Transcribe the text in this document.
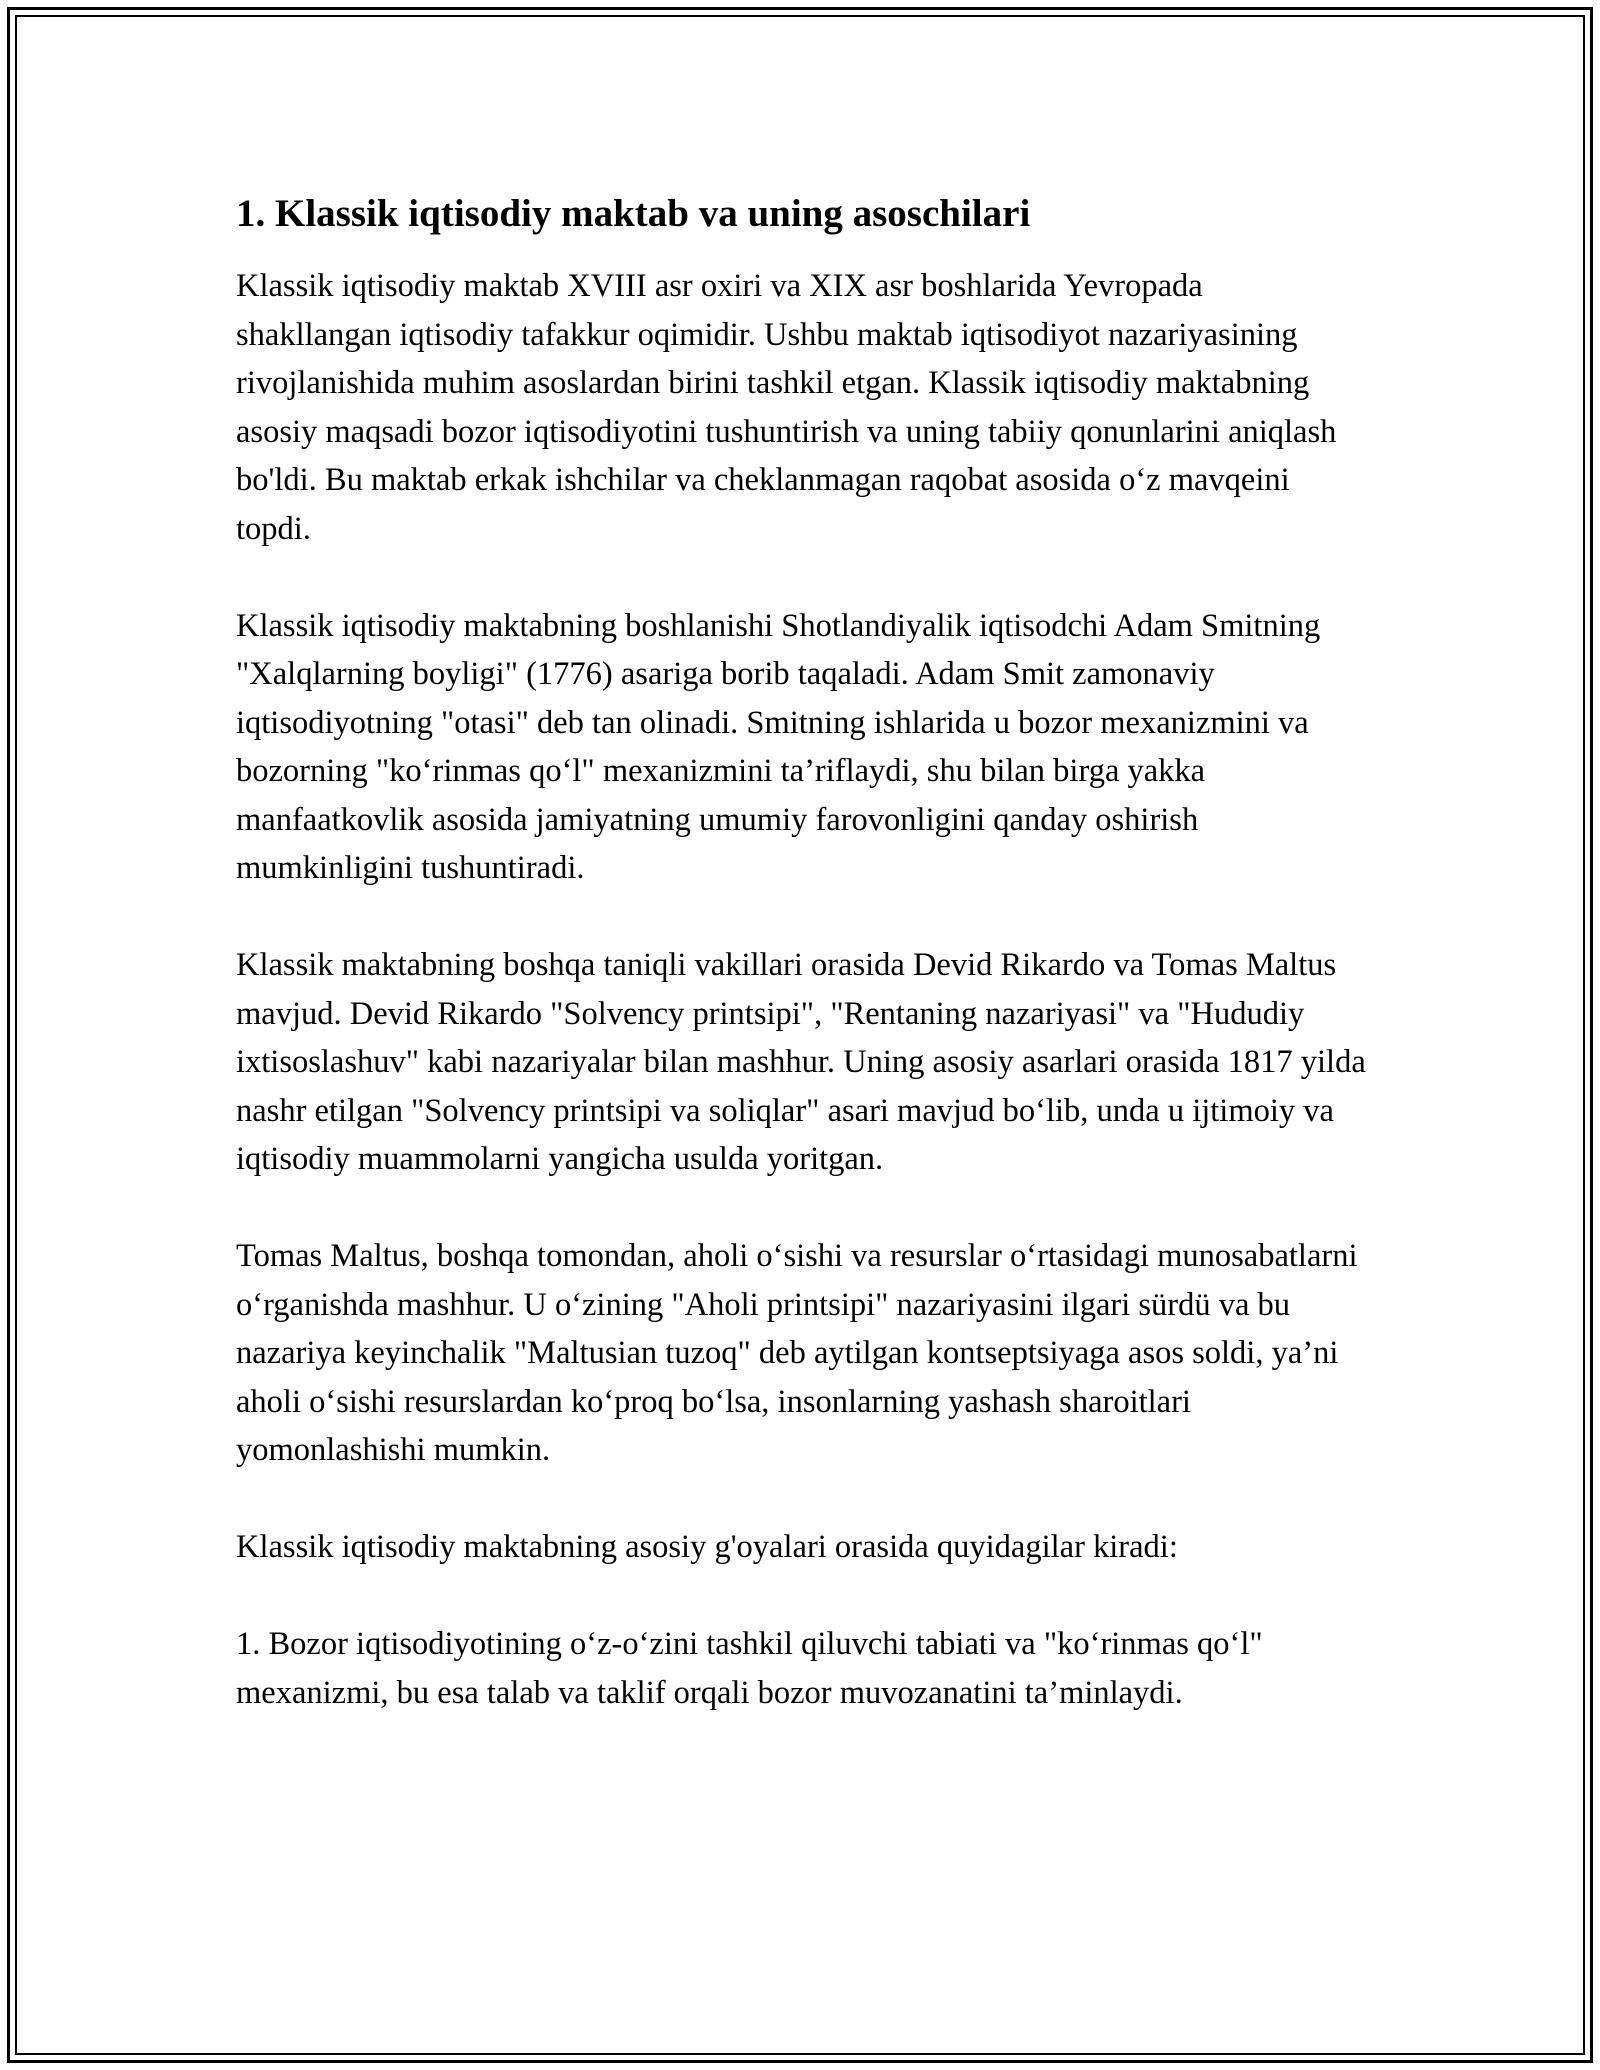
1. Klassik iqtisodiy maktab va uning asoschilari

Klassik iqtisodiy maktab XVIII asr oxiri va XIX asr boshlarida Yevropada shakllangan iqtisodiy tafakkur oqimidir. Ushbu maktab iqtisodiyot nazariyasining rivojlanishida muhim asoslardan birini tashkil etgan. Klassik iqtisodiy maktabning asosiy maqsadi bozor iqtisodiyotini tushuntirish va uning tabiiy qonunlarini aniqlash bo'ldi. Bu maktab erkak ishchilar va cheklanmagan raqobat asosida o‘z mavqeini topdi.

Klassik iqtisodiy maktabning boshlanishi Shotlandiyalik iqtisodchi Adam Smitning "Xalqlarning boyligi" (1776) asariga borib taqaladi. Adam Smit zamonaviy iqtisodiyotning "otasi" deb tan olinadi. Smitning ishlarida u bozor mexanizmini va bozorning "ko‘rinmas qo‘l" mexanizmini ta’riflaydi, shu bilan birga yakka manfaatkovlik asosida jamiyatning umumiy farovonligini qanday oshirish mumkinligini tushuntiradi.

Klassik maktabning boshqa taniqli vakillari orasida Devid Rikardo va Tomas Maltus mavjud. Devid Rikardo "Solvency printsipi", "Rentaning nazariyasi" va "Hududiy ixtisoslashuv" kabi nazariyalar bilan mashhur. Uning asosiy asarlari orasida 1817 yilda nashr etilgan "Solvency printsipi va soliqlar" asari mavjud bo‘lib, unda u ijtimoiy va iqtisodiy muammolarni yangicha usulda yoritgan.

Tomas Maltus, boshqa tomondan, aholi o‘sishi va resurslar o‘rtasidagi munosabatlarni o‘rganishda mashhur. U o‘zining "Aholi printsipi" nazariyasini ilgari sürdü va bu nazariya keyinchalik "Maltusian tuzoq" deb aytilgan kontseptsiyaga asos soldi, ya’ni aholi o‘sishi resurslardan ko‘proq bo‘lsa, insonlarning yashash sharoitlari yomonlashishi mumkin.

Klassik iqtisodiy maktabning asosiy g'oyalari orasida quyidagilar kiradi:

1. Bozor iqtisodiyotining o‘z-o‘zini tashkil qiluvchi tabiati va "ko‘rinmas qo‘l" mexanizmi, bu esa talab va taklif orqali bozor muvozanatini ta’minlaydi.
